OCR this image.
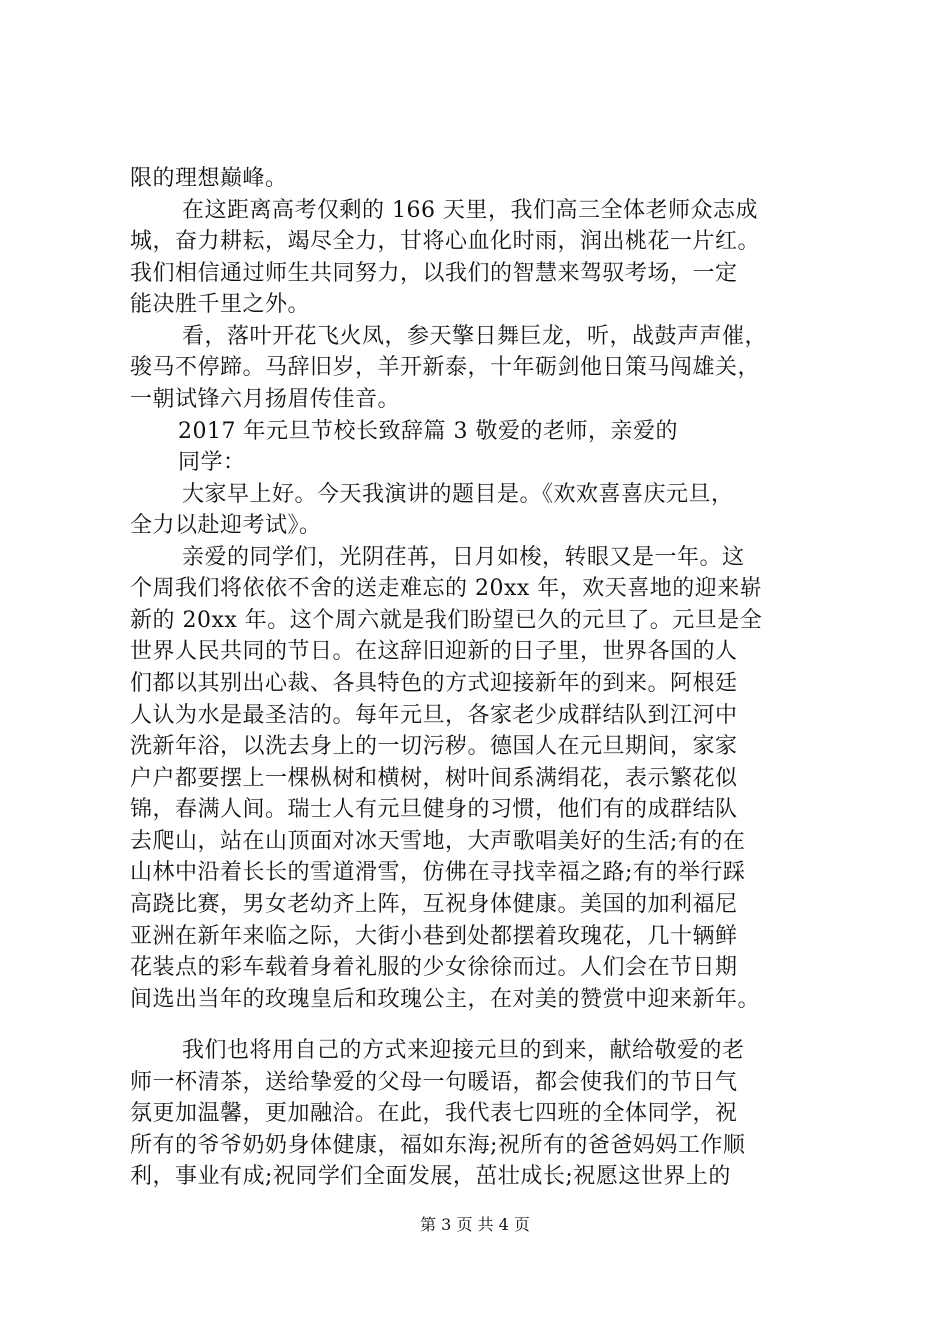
第 3 页 共 4 页
限的理想巅峰。
在这距离高考仅剩的 166 天里，我们高三全体老师众志成
城，奋力耕耘，竭尽全力，甘将心血化时雨，润出桃花一片红。
我们相信通过师生共同努力，以我们的智慧来驾驭考场，一定
能决胜千里之外。
看，落叶开花飞火凤，参天擎日舞巨龙，听，战鼓声声催，
骏马不停蹄。马辞旧岁，羊开新泰，十年砺剑他日策马闯雄关，
一朝试锋六月扬眉传佳音。
2017 年元旦节校长致辞篇 3 敬爱的老师，亲爱的
同学：
大家早上好。今天我演讲的题目是。《欢欢喜喜庆元旦，
全力以赴迎考试》。
亲爱的同学们，光阴荏苒，日月如梭，转眼又是一年。这
个周我们将依依不舍的送走难忘的 20xx 年，欢天喜地的迎来崭
新的 20xx 年。这个周六就是我们盼望已久的元旦了。元旦是全
世界人民共同的节日。在这辞旧迎新的日子里，世界各国的人
们都以其别出心裁、各具特色的方式迎接新年的到来。阿根廷
人认为水是最圣洁的。每年元旦，各家老少成群结队到江河中
洗新年浴，以洗去身上的一切污秽。德国人在元旦期间，家家
户户都要摆上一棵枞树和横树，树叶间系满绢花，表示繁花似
锦，春满人间。瑞士人有元旦健身的习惯，他们有的成群结队
去爬山，站在山顶面对冰天雪地，大声歌唱美好的生活;有的在
山林中沿着长长的雪道滑雪，仿佛在寻找幸福之路;有的举行踩
高跷比赛，男女老幼齐上阵，互祝身体健康。美国的加利福尼
亚洲在新年来临之际，大街小巷到处都摆着玫瑰花，几十辆鲜
花装点的彩车载着身着礼服的少女徐徐而过。人们会在节日期
间选出当年的玫瑰皇后和玫瑰公主，在对美的赞赏中迎来新年。
我们也将用自己的方式来迎接元旦的到来，献给敬爱的老
师一杯清茶，送给挚爱的父母一句暖语，都会使我们的节日气
氛更加温馨，更加融洽。在此，我代表七四班的全体同学，祝
所有的爷爷奶奶身体健康，福如东海;祝所有的爸爸妈妈工作顺
利，事业有成;祝同学们全面发展，茁壮成长;祝愿这世界上的
